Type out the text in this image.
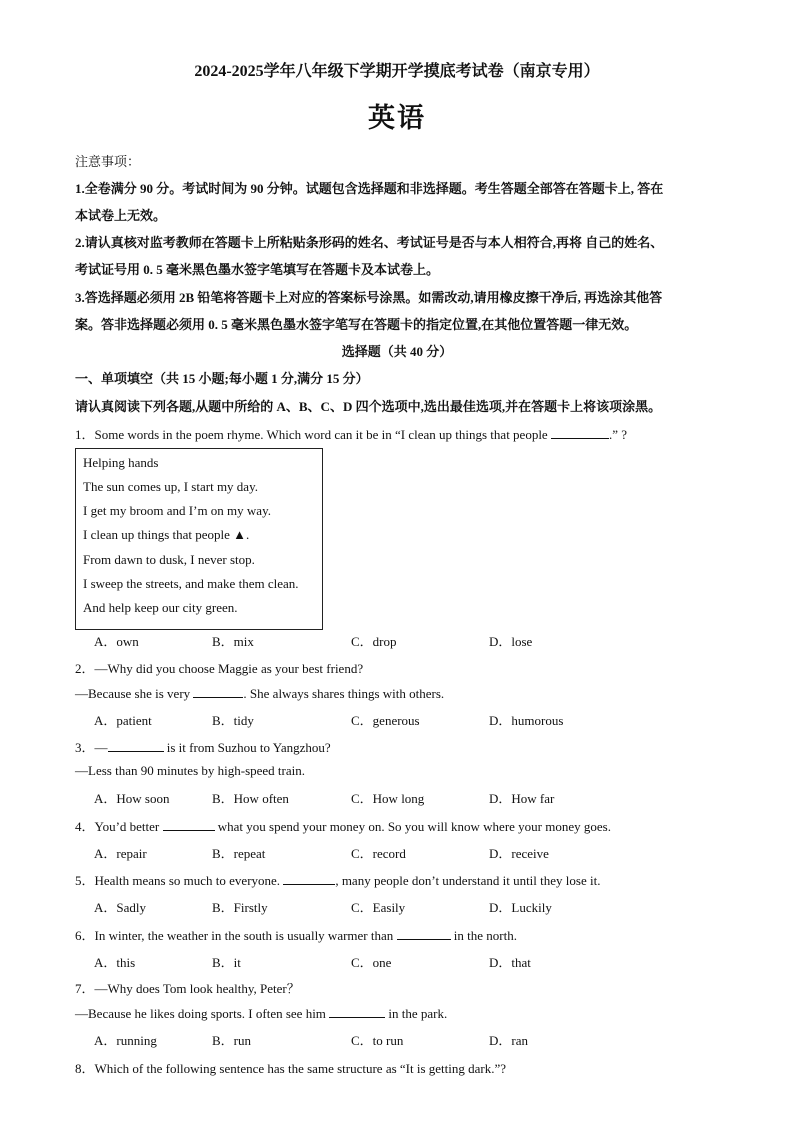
2024-2025学年八年级下学期开学摸底考试卷（南京专用）
英语
注意事项：
1.全卷满分 90 分。考试时间为 90 分钟。试题包含选择题和非选择题。考生答题全部答在答题卡上, 答在
本试卷上无效。
2.请认真核对监考教师在答题卡上所粘贴条形码的姓名、考试证号是否与本人相符合,再将 自己的姓名、
考试证号用 0. 5 毫米黑色墨水签字笔填写在答题卡及本试卷上。
3.答选择题必须用 2B 铅笔将答题卡上对应的答案标号涂黑。如需改动,请用橡皮擦干净后, 再选涂其他答
案。答非选择题必须用 0. 5 毫米黑色墨水签字笔写在答题卡的指定位置,在其他位置答题一律无效。
选择题（共 40 分）
一、单项填空（共 15 小题;每小题 1 分,满分 15 分）
请认真阅读下列各题,从题中所给的 A、B、C、D 四个选项中,选出最佳选项,并在答题卡上将该项涂黑。
1．Some words in the poem rhyme. Which word can it be in “I clean up things that people	.” ?
Helping hands
The sun comes up, I start my day.
I get my broom and I’m on my way.
I clean up things that people ▲.
From dawn to dusk, I never stop.
I sweep the streets, and make them clean.
And help keep our city green.
A．own	B．mix	C．drop	D．lose
2．—Why did you choose Maggie as your best friend?
—Because she is very	. She always shares things with others.
A．patient	B．tidy	C．generous	D．humorous
3．—	is it from Suzhou to Yangzhou?
—Less than 90 minutes by high-speed train.
A．How soon	B．How often	C．How long	D．How far
4．You’d better	what you spend your money on. So you will know where your money goes.
A．repair	B．repeat	C．record	D．receive
5．Health means so much to everyone.	, many people don’t understand it until they lose it.
A．Sadly	B．Firstly	C．Easily	D．Luckily
6．In winter, the weather in the south is usually warmer than	in the north.
A．this	B．it	C．one	D．that
7．—Why does Tom look healthy, Peter？
—Because he likes doing sports. I often see him	in the park.
A．running	B．run	C．to run	D．ran
8．Which of the following sentence has the same structure as “It is getting dark.”?
